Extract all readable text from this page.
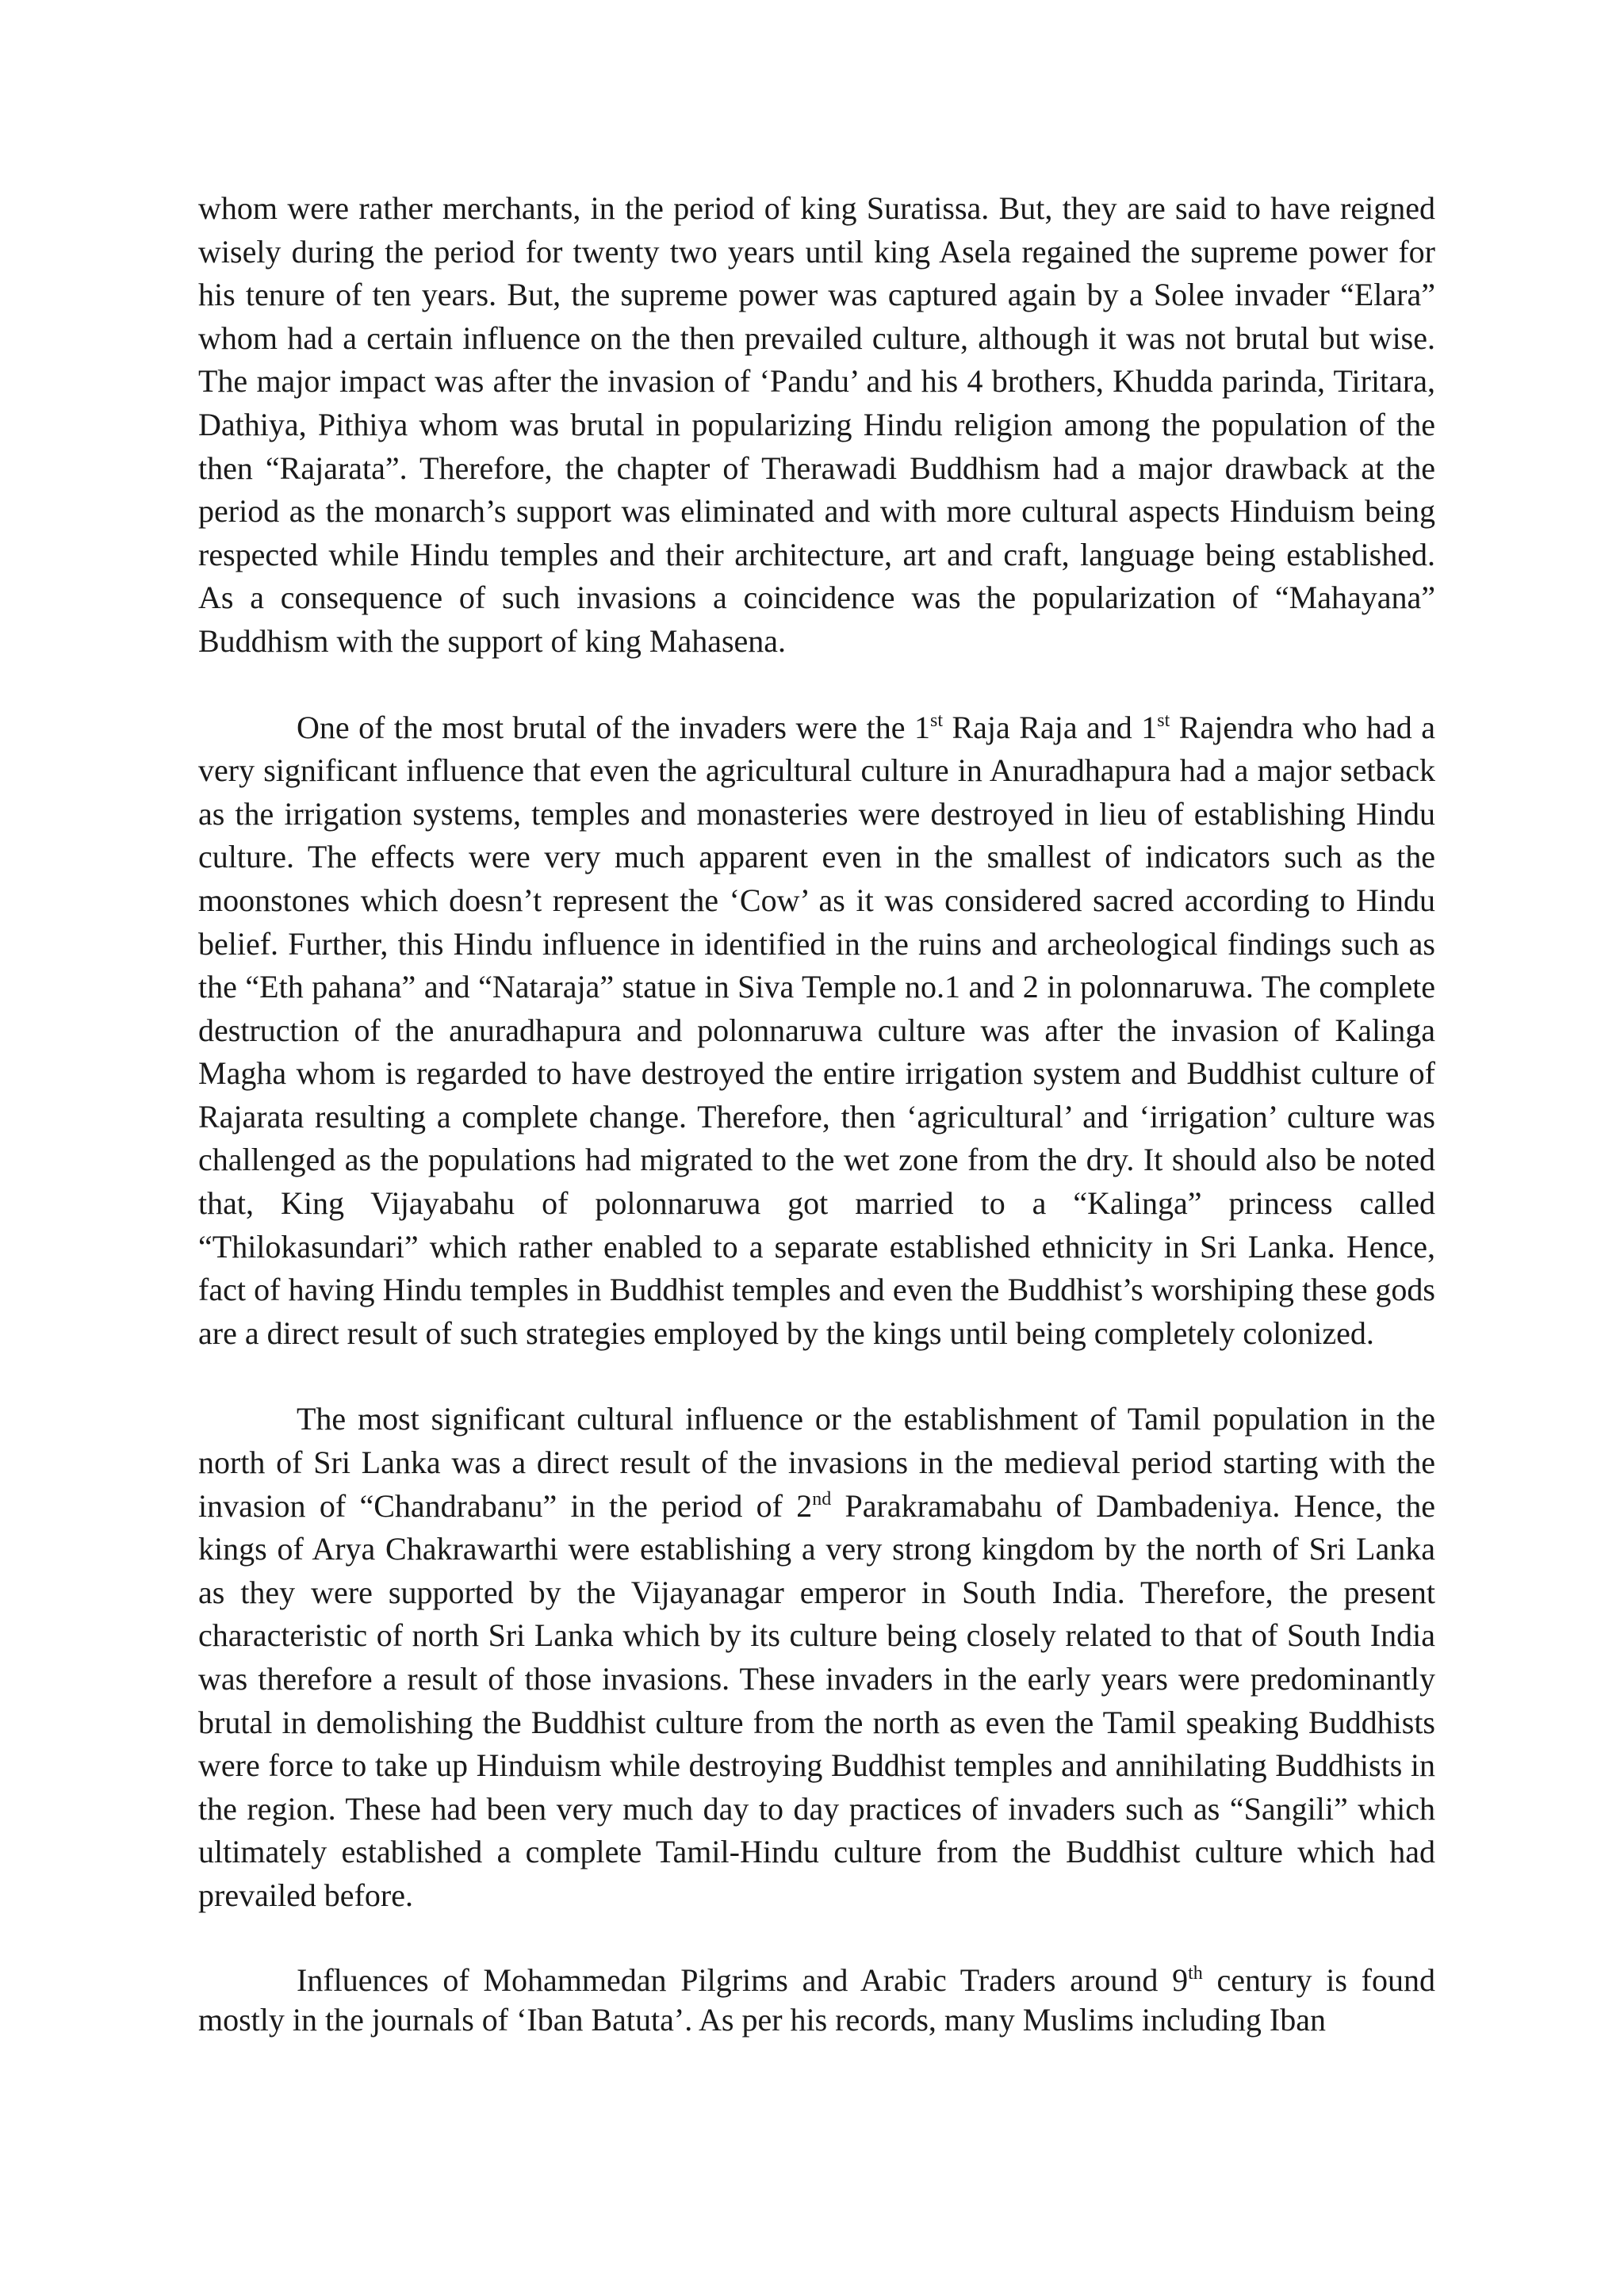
whom were rather merchants, in the period of king Suratissa. But, they are said to have reigned wisely during the period for twenty two years until king Asela regained the supreme power for his tenure of ten years. But, the supreme power was captured again by a Solee invader “Elara” whom had a certain influence on the then prevailed culture, although it was not brutal but wise. The major impact was after the invasion of ‘Pandu’ and his 4 brothers, Khudda parinda, Tiritara, Dathiya, Pithiya whom was brutal in popularizing Hindu religion among the population of the then “Rajarata”. Therefore, the chapter of Therawadi Buddhism had a major drawback at the period as the monarch’s support was eliminated and with more cultural aspects Hinduism being respected while Hindu temples and their architecture, art and craft, language being established. As a consequence of such invasions a coincidence was the popularization of “Mahayana” Buddhism with the support of king Mahasena.

One of the most brutal of the invaders were the 1st Raja Raja and 1st Rajendra who had a very significant influence that even the agricultural culture in Anuradhapura had a major setback as the irrigation systems, temples and monasteries were destroyed in lieu of establishing Hindu culture. The effects were very much apparent even in the smallest of indicators such as the moonstones which doesn’t represent the ‘Cow’ as it was considered sacred according to Hindu belief. Further, this Hindu influence in identified in the ruins and archeological findings such as the “Eth pahana” and “Nataraja” statue in Siva Temple no.1 and 2 in polonnaruwa. The complete destruction of the anuradhapura and polonnaruwa culture was after the invasion of Kalinga Magha whom is regarded to have destroyed the entire irrigation system and Buddhist culture of Rajarata resulting a complete change. Therefore, then ‘agricultural’ and ‘irrigation’ culture was challenged as the populations had migrated to the wet zone from the dry. It should also be noted that, King Vijayabahu of polonnaruwa got married to a “Kalinga” princess called “Thilokasundari” which rather enabled to a separate established ethnicity in Sri Lanka. Hence, fact of having Hindu temples in Buddhist temples and even the Buddhist’s worshiping these gods are a direct result of such strategies employed by the kings until being completely colonized.

The most significant cultural influence or the establishment of Tamil population in the north of Sri Lanka was a direct result of the invasions in the medieval period starting with the invasion of “Chandrabanu” in the period of 2nd Parakramabahu of Dambadeniya. Hence, the kings of Arya Chakrawarthi were establishing a very strong kingdom by the north of Sri Lanka as they were supported by the Vijayanagar emperor in South India. Therefore, the present characteristic of north Sri Lanka which by its culture being closely related to that of South India was therefore a result of those invasions. These invaders in the early years were predominantly brutal in demolishing the Buddhist culture from the north as even the Tamil speaking Buddhists were force to take up Hinduism while destroying Buddhist temples and annihilating Buddhists in the region. These had been very much day to day practices of invaders such as “Sangili” which ultimately established a complete Tamil-Hindu culture from the Buddhist culture which had prevailed before.

Influences of Mohammedan Pilgrims and Arabic Traders around 9th century is found mostly in the journals of ‘Iban Batuta’. As per his records, many Muslims including Iban
